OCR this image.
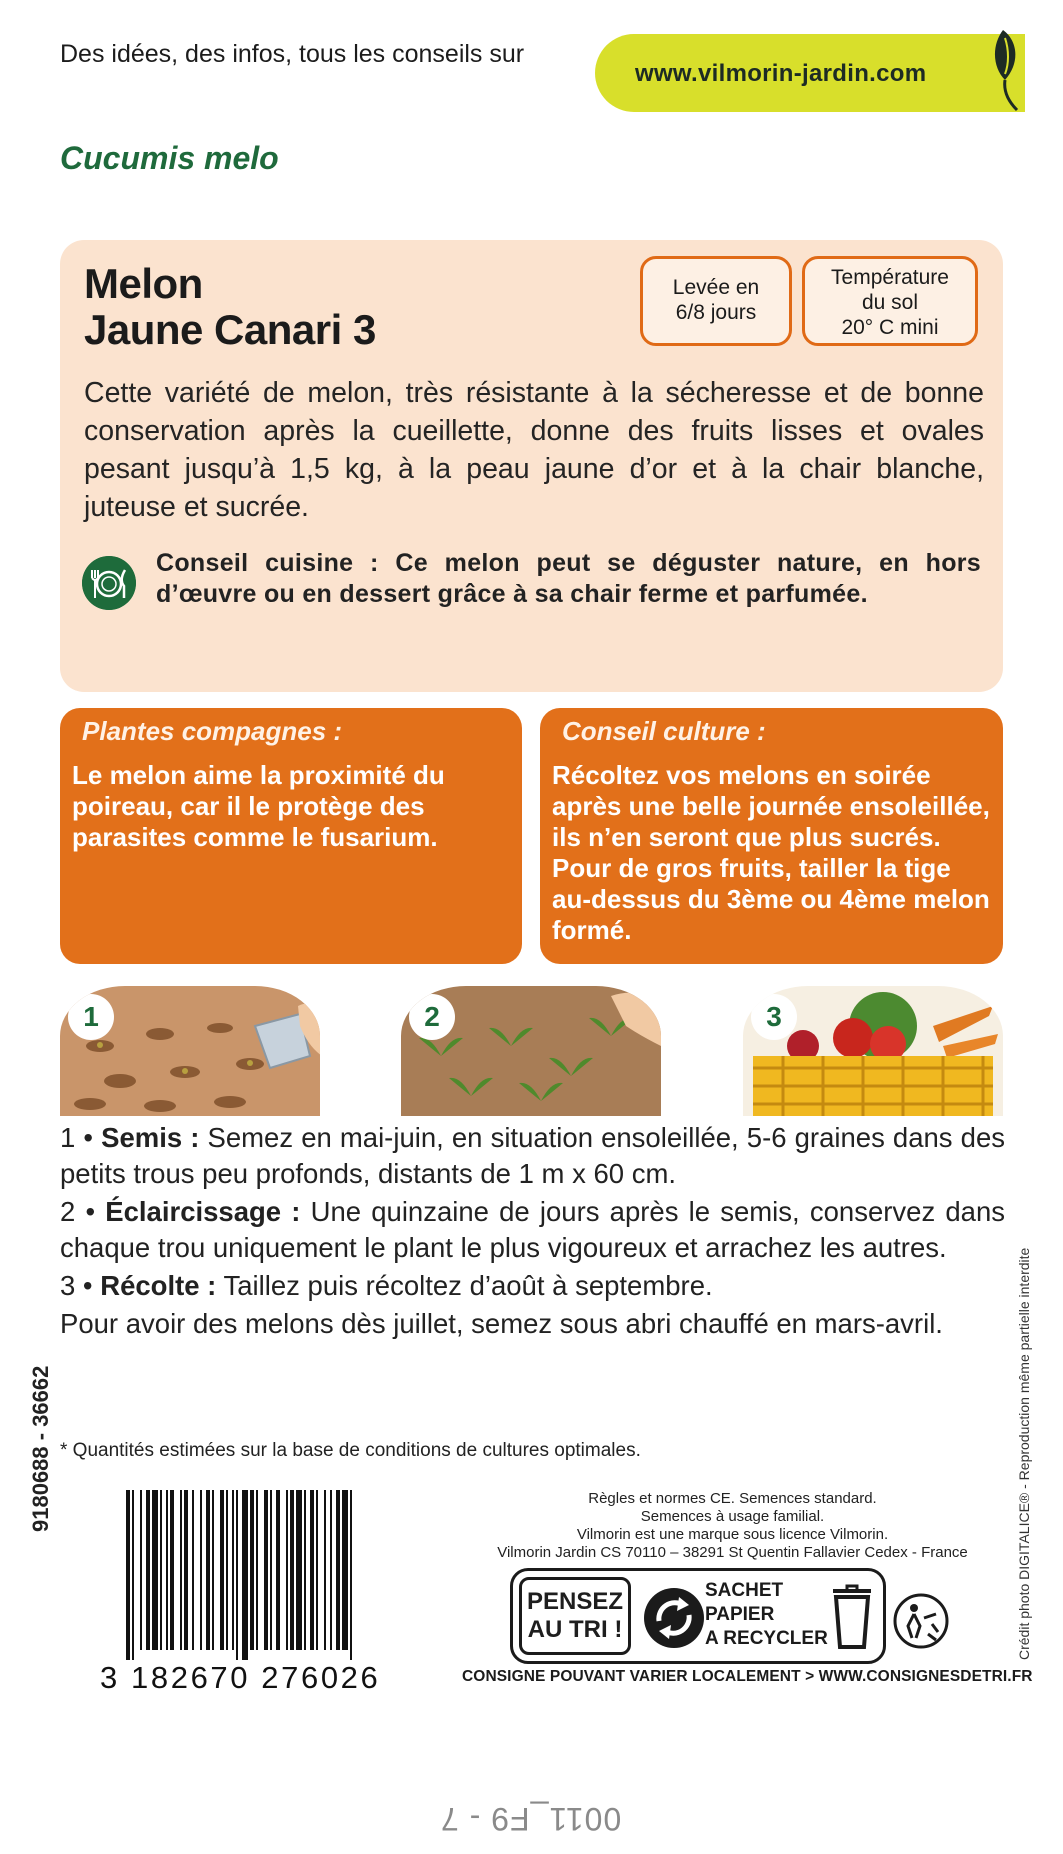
Des idées, des infos, tous les conseils sur
www.vilmorin-jardin.com
Cucumis melo
Melon
Jaune Canari 3
Levée en
6/8 jours
Température
du sol
20° C mini

Cette variété de melon, très résistante à la sécheresse et de bonne conservation après la cueillette, donne des fruits lisses et ovales pesant jusqu’à 1,5 kg, à la peau jaune d’or et à la chair blanche, juteuse et sucrée.

Conseil cuisine : Ce melon peut se déguster nature, en hors d’œuvre ou en dessert grâce à sa chair ferme et parfumée.

Plantes compagnes :

Le melon aime la proximité du poireau, car il le protège des parasites comme le fusarium.

Conseil culture :

Récoltez vos melons en soirée après une belle journée ensoleillée, ils n’en seront que plus sucrés. Pour de gros fruits, tailler la tige au-dessus du 3ème ou 4ème melon formé.

1	2	3

1 • Semis : Semez en mai-juin, en situation ensoleillée, 5-6 graines dans des petits trous peu profonds, distants de 1 m x 60 cm.

2 • Éclaircissage : Une quinzaine de jours après le semis, conservez dans chaque trou uniquement le plant le plus vigoureux et arrachez les autres.

3 • Récolte : Taillez puis récoltez d’août à septembre.

Pour avoir des melons dès juillet, semez sous abri chauffé en mars-avril.

* Quantités estimées sur la base de conditions de cultures optimales.
9180688 - 36662	Crédit photo DIGITALICE® - Reproduction même partielle interdite
3 182670 276026
Règles et normes CE. Semences standard.
Semences à usage familial.
Vilmorin est une marque sous licence Vilmorin.
Vilmorin Jardin CS 70110 – 38291 St Quentin Fallavier Cedex - France
PENSEZ
AU TRI !
SACHET
PAPIER
A RECYCLER
CONSIGNE POUVANT VARIER LOCALEMENT > WWW.CONSIGNESDETRI.FR
0011_F9 - 7
